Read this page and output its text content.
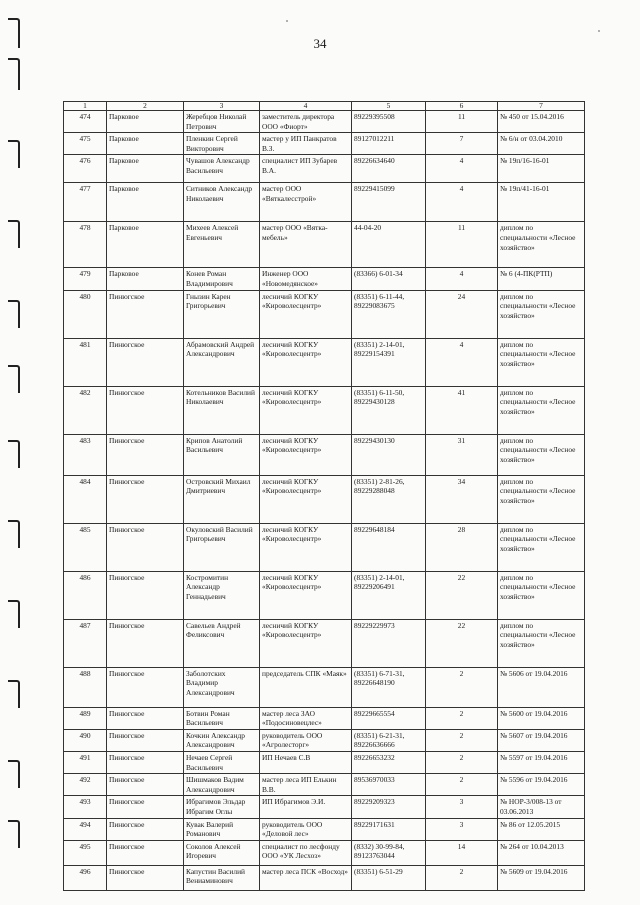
34
1	2	3	4	5	6	7
474	Парковое	Жеребцов Николай Петрович	заместитель директора ООО «Фиорт»	89229395508	11	№ 450 от 15.04.2016
475	Парковое	Пленкин Сергей Викторович	мастер у ИП Панкратов В.З.	89127012211	7	№ 6/н от 03.04.2010
476	Парковое	Чувашов Александр Васильевич	специалист ИП Зубарев В.А.	89226634640	4	№ 19п/16-16-01
477	Парковое	Ситников Александр Николаевич	мастер ООО «Вяткалесстрой»	89229415099	4	№ 19п/41-16-01
478	Парковое	Михеев Алексей Евгеньевич	мастер ООО «Вятка-мебель»	44-04-20	11	диплом по специальности «Лесное хозяйство»
479	Парковое	Конев Роман Владимирович	Инженер ООО «Новомедянское»	(83366) 6-01-34	4	№ 6 (4-ПК(РТП)
480	Пинюгское	Гнызин Карен Григорьевич	лесничий КОГКУ «Кироволесцентр»	(83351) 6-11-44, 89229083675	24	диплом по специальности «Лесное хозяйство»
481	Пинюгское	Абрамовский Андрей Александрович	лесничий КОГКУ «Кироволесцентр»	(83351) 2-14-01, 89229154391	4	диплом по специальности «Лесное хозяйство»
482	Пинюгское	Котельников Василий Николаевич	лесничий КОГКУ «Кироволесцентр»	(83351) 6-11-50, 89229430128	41	диплом по специальности «Лесное хозяйство»
483	Пинюгское	Крипов Анатолий Васильевич	лесничий КОГКУ «Кироволесцентр»	89229430130	31	диплом по специальности «Лесное хозяйство»
484	Пинюгское	Островский Михаил Дмитриевич	лесничий КОГКУ «Кироволесцентр»	(83351) 2-81-26, 89229288048	34	диплом по специальности «Лесное хозяйство»
485	Пинюгское	Окуловский Василий Григорьевич	лесничий КОГКУ «Кироволесцентр»	89229648184	28	диплом по специальности «Лесное хозяйство»
486	Пинюгское	Костромитин Александр Геннадьевич	лесничий КОГКУ «Кироволесцентр»	(83351) 2-14-01, 89229206491	22	диплом по специальности «Лесное хозяйство»
487	Пинюгское	Савельев Андрей Феликсович	лесничий КОГКУ «Кироволесцентр»	89229229973	22	диплом по специальности «Лесное хозяйство»
488	Пинюгское	Заболотских Владимир Александрович	председатель СПК «Маяк»	(83351) 6-71-31, 89226648190	2	№ 5606 от 19.04.2016
489	Пинюгское	Ботвин Роман Васильевич	мастер леса ЗАО «Подосиновецлес»	89229665554	2	№ 5600 от 19.04.2016
490	Пинюгское	Кочкин Александр Александрович	руководитель ООО «Агролесторг»	(83351) 6-21-31, 89226636666	2	№ 5607 от 19.04.2016
491	Пинюгское	Нечаев Сергей Васильевич	ИП Нечаев С.В	89226653232	2	№ 5597 от 19.04.2016
492	Пинюгское	Шишмаков Вадим Александрович	мастер леса ИП Елькин В.В.	89536970033	2	№ 5596 от 19.04.2016
493	Пинюгское	Ибрагимов Эльдар Ибрагим Оглы	ИП Ибрагимов Э.И.	89229209323	3	№ НОР-3/008-13 от 03.06.2013
494	Пинюгское	Кувак Валерий Романович	руководитель ООО «Деловой лес»	89229171631	3	№ 86 от 12.05.2015
495	Пинюгское	Соколов Алексей Игоревич	специалист по лесфонду ООО «УК Лесхоз»	(8332) 30-99-84, 89123763044	14	№ 264 от 10.04.2013
496	Пинюгское	Капустин Василий Вениаминович	мастер леса ПСК «Восход»	(83351) 6-51-29	2	№ 5609 от 19.04.2016
